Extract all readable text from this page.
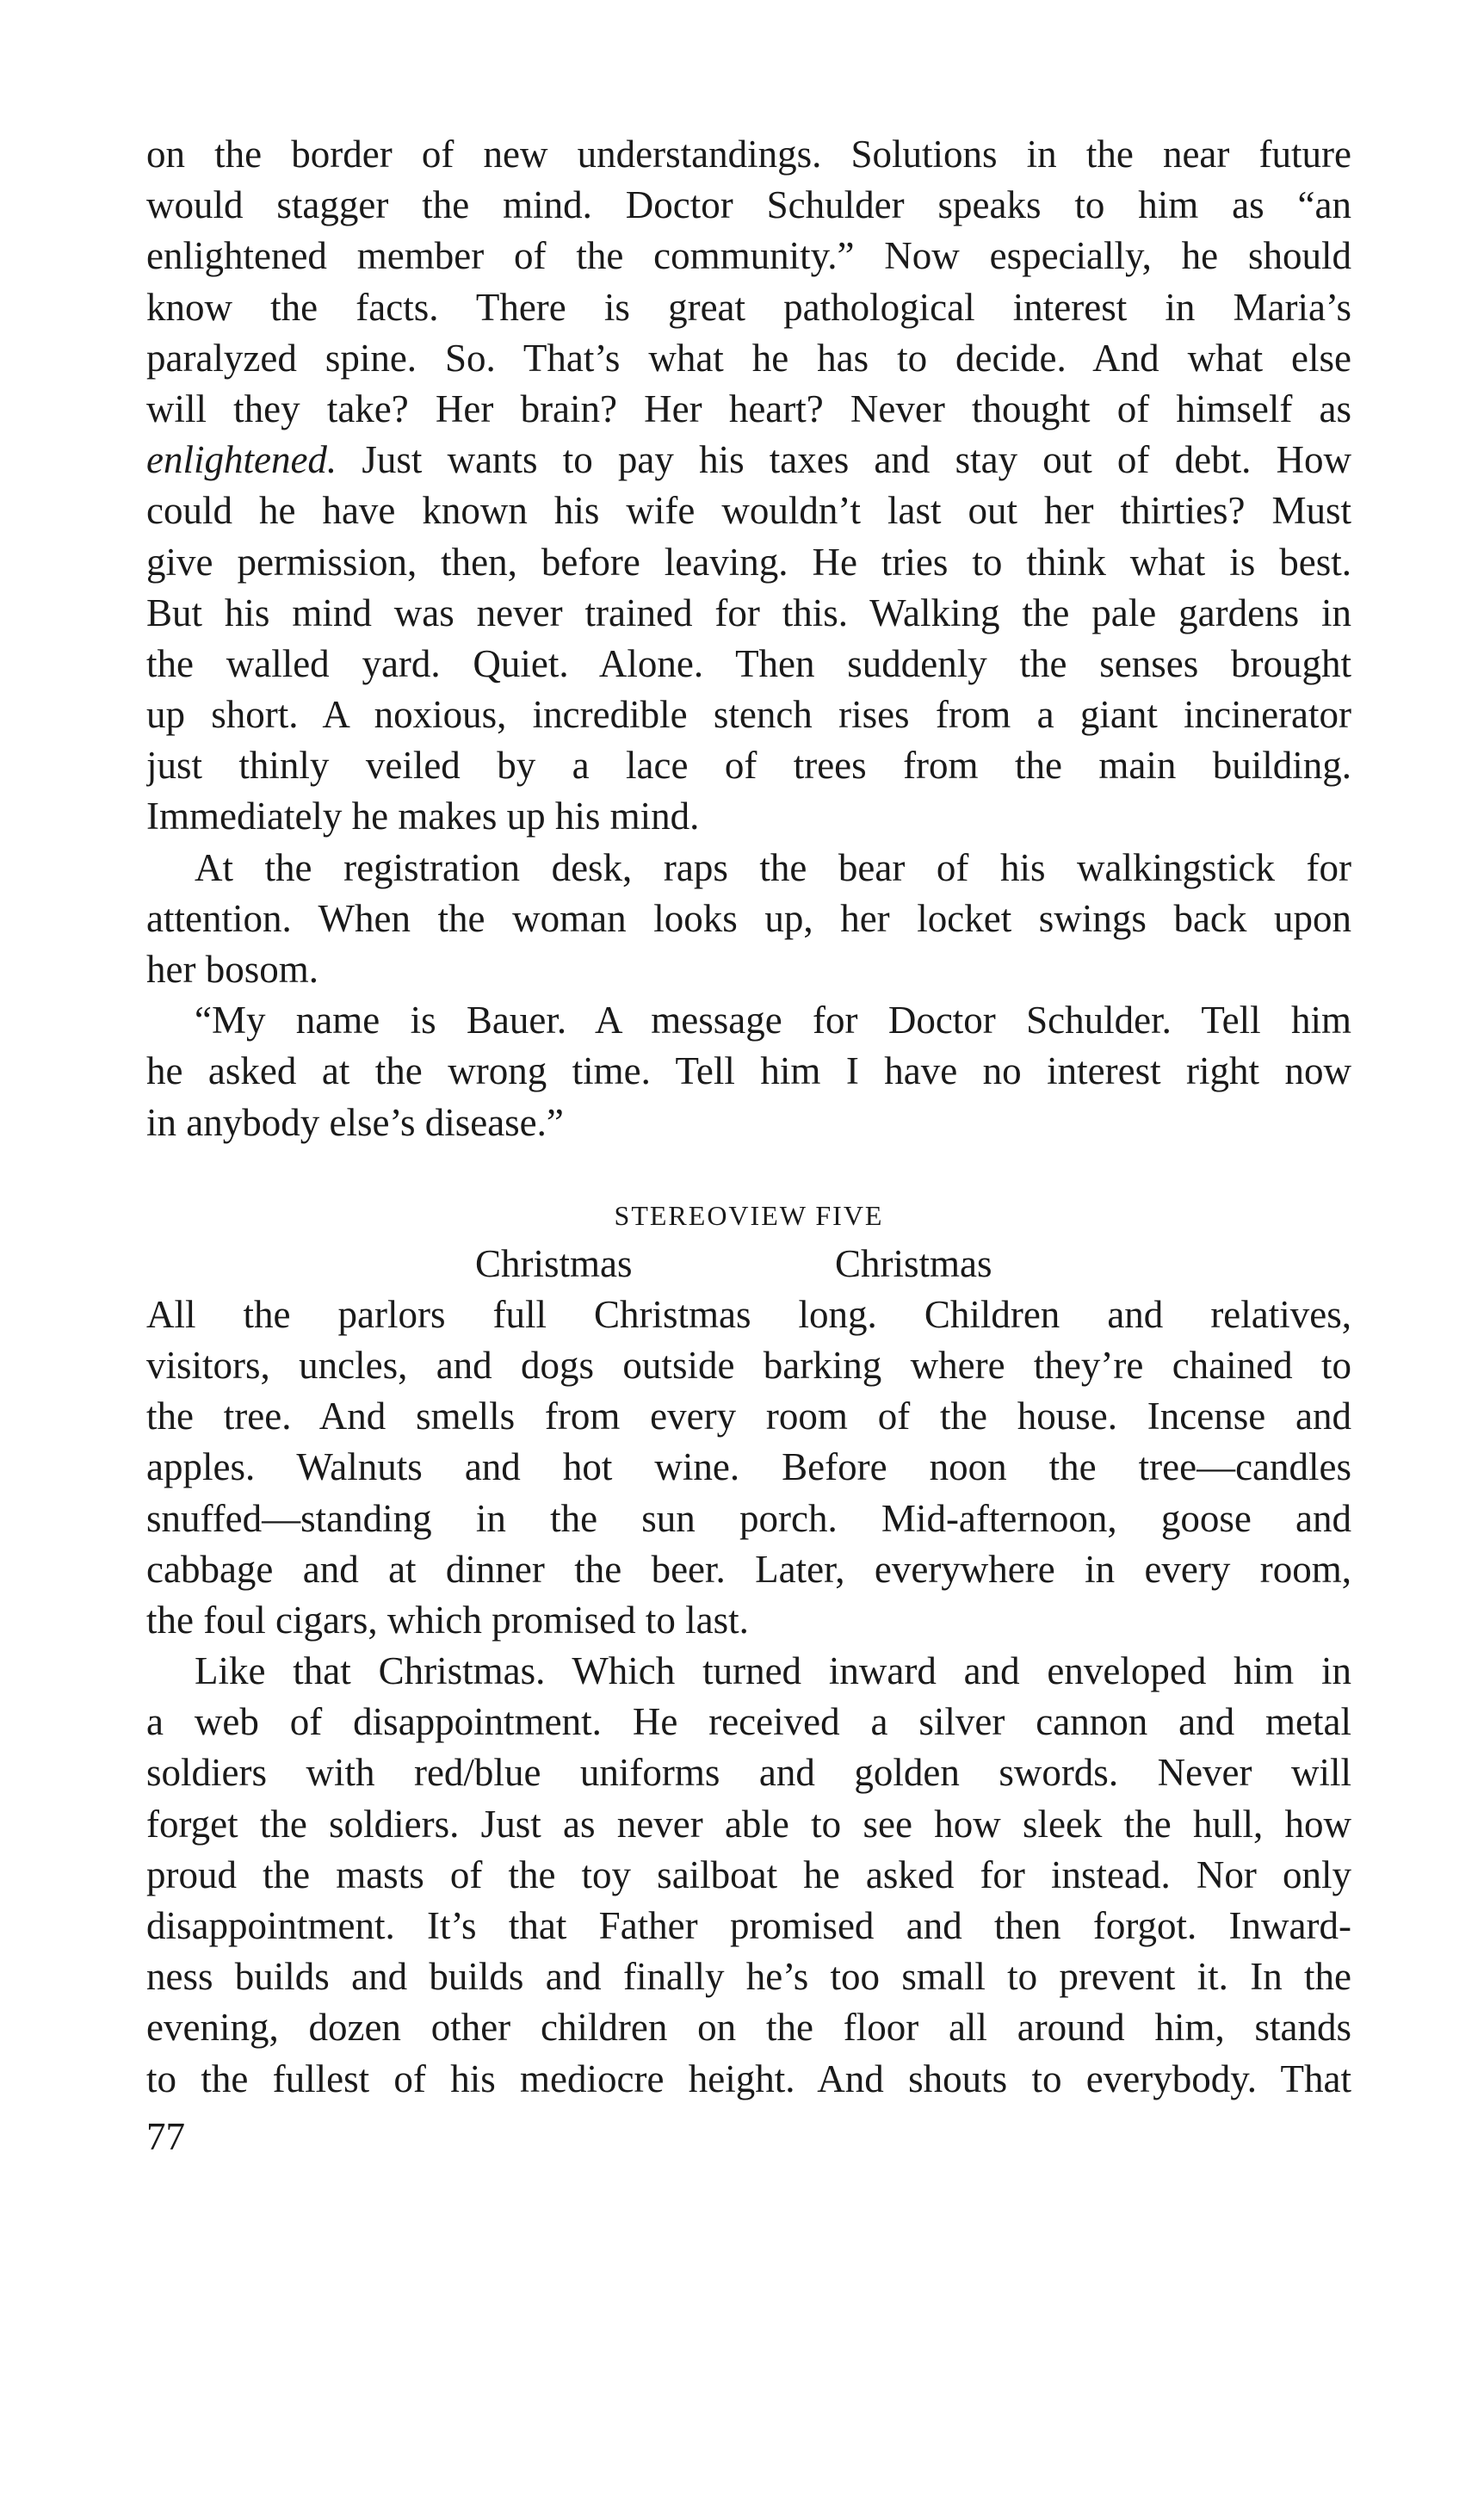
on the border of new understandings. Solutions in the near future
would stagger the mind. Doctor Schulder speaks to him as “an
enlightened member of the community.” Now especially, he should
know the facts. There is great pathological interest in Maria’s
paralyzed spine. So. That’s what he has to decide. And what else
will they take? Her brain? Her heart? Never thought of himself as
enlightened. Just wants to pay his taxes and stay out of debt. How
could he have known his wife wouldn’t last out her thirties? Must
give permission, then, before leaving. He tries to think what is best.
But his mind was never trained for this. Walking the pale gardens in
the walled yard. Quiet. Alone. Then suddenly the senses brought
up short. A noxious, incredible stench rises from a giant incinerator
just thinly veiled by a lace of trees from the main building.
Immediately he makes up his mind.
At the registration desk, raps the bear of his walkingstick for
attention. When the woman looks up, her locket swings back upon
her bosom.
“My name is Bauer. A message for Doctor Schulder. Tell him
he asked at the wrong time. Tell him I have no interest right now
in anybody else’s disease.”
STEREOVIEW FIVE
Christmas	Christmas
All the parlors full Christmas long. Children and relatives,
visitors, uncles, and dogs outside barking where they’re chained to
the tree. And smells from every room of the house. Incense and
apples. Walnuts and hot wine. Before noon the tree—candles
snuffed—standing in the sun porch. Mid-afternoon, goose and
cabbage and at dinner the beer. Later, everywhere in every room,
the foul cigars, which promised to last.
Like that Christmas. Which turned inward and enveloped him in
a web of disappointment. He received a silver cannon and metal
soldiers with red/blue uniforms and golden swords. Never will
forget the soldiers. Just as never able to see how sleek the hull, how
proud the masts of the toy sailboat he asked for instead. Nor only
disappointment. It’s that Father promised and then forgot. Inward-
ness builds and builds and finally he’s too small to prevent it. In the
evening, dozen other children on the floor all around him, stands
to the fullest of his mediocre height. And shouts to everybody. That
77
